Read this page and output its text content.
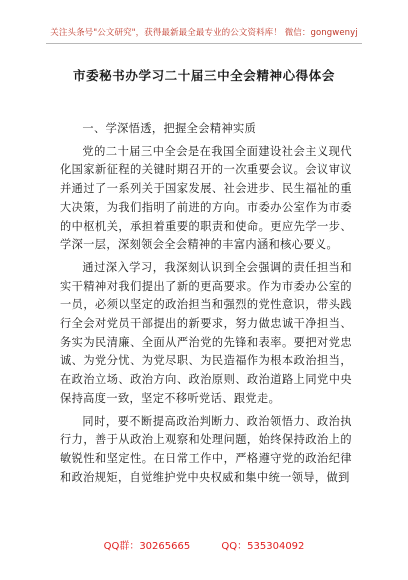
关注头条号"公文研究"，获得最新最全最专业的公文资料库！ 微信：gongwenyj
市委秘书办学习二十届三中全会精神心得体会

一、学深悟透，把握全会精神实质

党的二十届三中全会是在我国全面建设社会主义现代化国家新征程的关键时期召开的一次重要会议。会议审议并通过了一系列关于国家发展、社会进步、民生福祉的重大决策，为我们指明了前进的方向。市委办公室作为市委的中枢机关，承担着重要的职责和使命。更应先学一步、学深一层，深刻领会全会精神的丰富内涵和核心要义。

通过深入学习，我深刻认识到全会强调的责任担当和实干精神对我们提出了新的更高要求。作为市委办公室的一员，必须以坚定的政治担当和强烈的党性意识，带头践行全会对党员干部提出的新要求，努力做忠诚干净担当、务实为民清廉、全面从严治党的先锋和表率。要把对党忠诚、为党分忧、为党尽职、为民造福作为根本政治担当，在政治立场、政治方向、政治原则、政治道路上同党中央保持高度一致，坚定不移听党话、跟党走。

同时，要不断提高政治判断力、政治领悟力、政治执行力，善于从政治上观察和处理问题，始终保持政治上的敏锐性和坚定性。在日常工作中，严格遵守党的政治纪律和政治规矩，自觉维护党中央权威和集中统一领导，做到

QQ群：30265665	QQ：535304092
